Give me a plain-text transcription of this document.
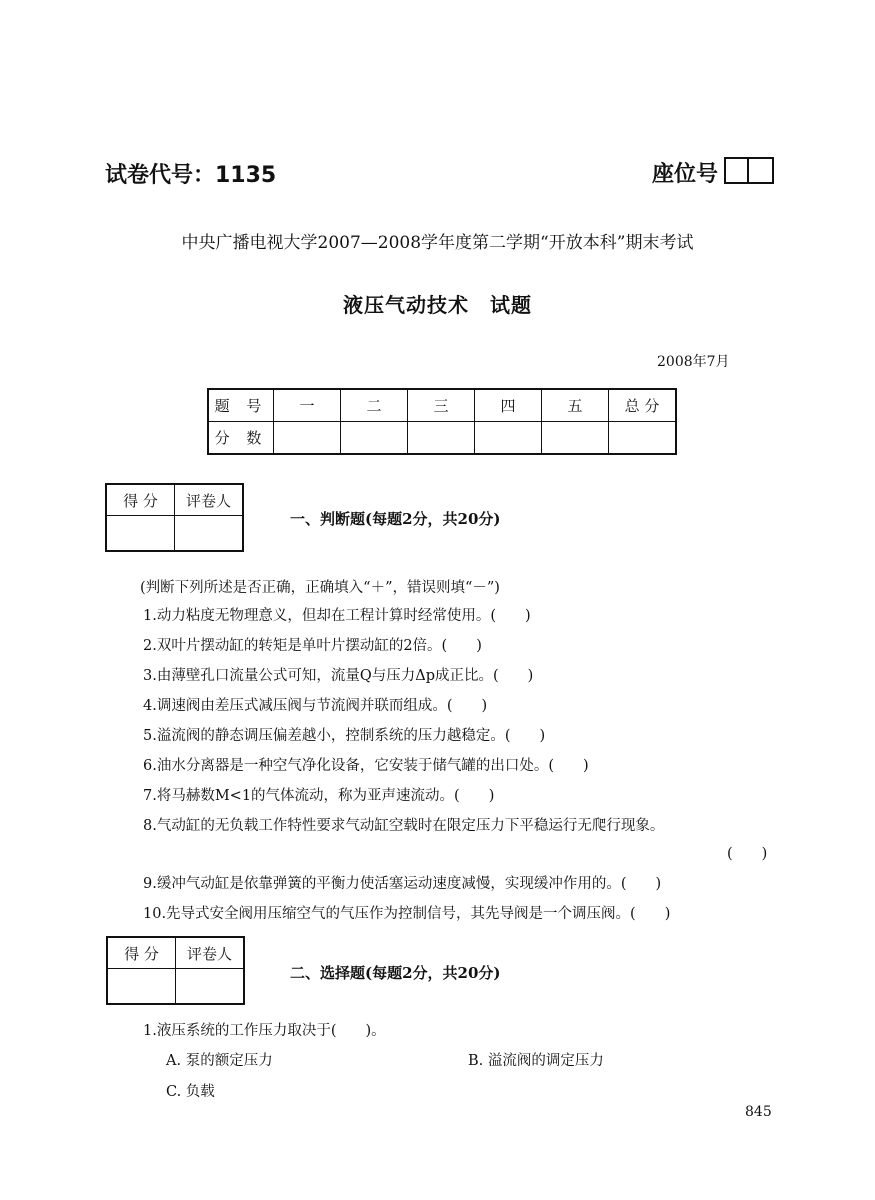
试卷代号：1135	座位号
中央广播电视大学2007—2008学年度第二学期“开放本科”期末考试
液压气动技术　试题
2008年7月
题 号	一	二	三	四	五	总 分
分 数						
得 分	评卷人

一、判断题(每题2分，共20分)
(判断下列所述是否正确，正确填入“＋”，错误则填“－”)
1.动力粘度无物理意义，但却在工程计算时经常使用。(　　)
2.双叶片摆动缸的转矩是单叶片摆动缸的2倍。(　　)
3.由薄壁孔口流量公式可知，流量Q与压力Δp成正比。(　　)
4.调速阀由差压式减压阀与节流阀并联而组成。(　　)
5.溢流阀的静态调压偏差越小，控制系统的压力越稳定。(　　)
6.油水分离器是一种空气净化设备，它安装于储气罐的出口处。(　　)
7.将马赫数M<1的气体流动，称为亚声速流动。(　　)
8.气动缸的无负载工作特性要求气动缸空载时在限定压力下平稳运行无爬行现象。
(　　)
9.缓冲气动缸是依靠弹簧的平衡力使活塞运动速度减慢，实现缓冲作用的。(　　)
10.先导式安全阀用压缩空气的气压作为控制信号，其先导阀是一个调压阀。(　　)
得 分	评卷人

二、选择题(每题2分，共20分)
1.液压系统的工作压力取决于(　　)。
A. 泵的额定压力	B. 溢流阀的调定压力
C. 负载
845
